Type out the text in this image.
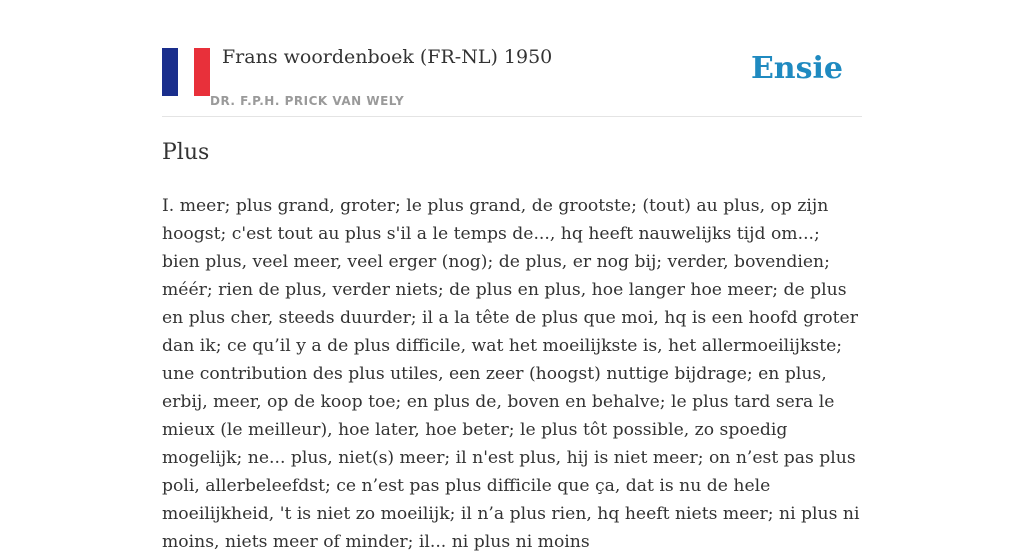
Frans woordenboek (FR-NL) 1950
DR. F.P.H. PRICK VAN WELY
Ensie
Plus

I. meer; plus grand, groter; le plus grand, de grootste; (tout) au plus, op zijn hoogst; c'est tout au plus s'il a le temps de..., hq heeft nauwelijks tijd om...; bien plus, veel meer, veel erger (nog); de plus, er nog bij; verder, bovendien; méér; rien de plus, verder niets; de plus en plus, hoe langer hoe meer; de plus en plus cher, steeds duurder; il a la tête de plus que moi, hq is een hoofd groter dan ik; ce qu’il y a de plus difficile, wat het moeilijkste is, het allermoeilijkste; une contribution des plus utiles, een zeer (hoogst) nuttige bijdrage; en plus, erbij, meer, op de koop toe; en plus de, boven en behalve; le plus tard sera le mieux (le meilleur), hoe later, hoe beter; le plus tôt possible, zo spoedig mogelijk; ne... plus, niet(s) meer; il n'est plus, hij is niet meer; on n’est pas plus poli, allerbeleefdst; ce n’est pas plus difficile que ça, dat is nu de hele moeilijkheid, 't is niet zo moeilijk; il n’a plus rien, hq heeft niets meer; ni plus ni moins, niets meer of minder; il... ni plus ni moins
